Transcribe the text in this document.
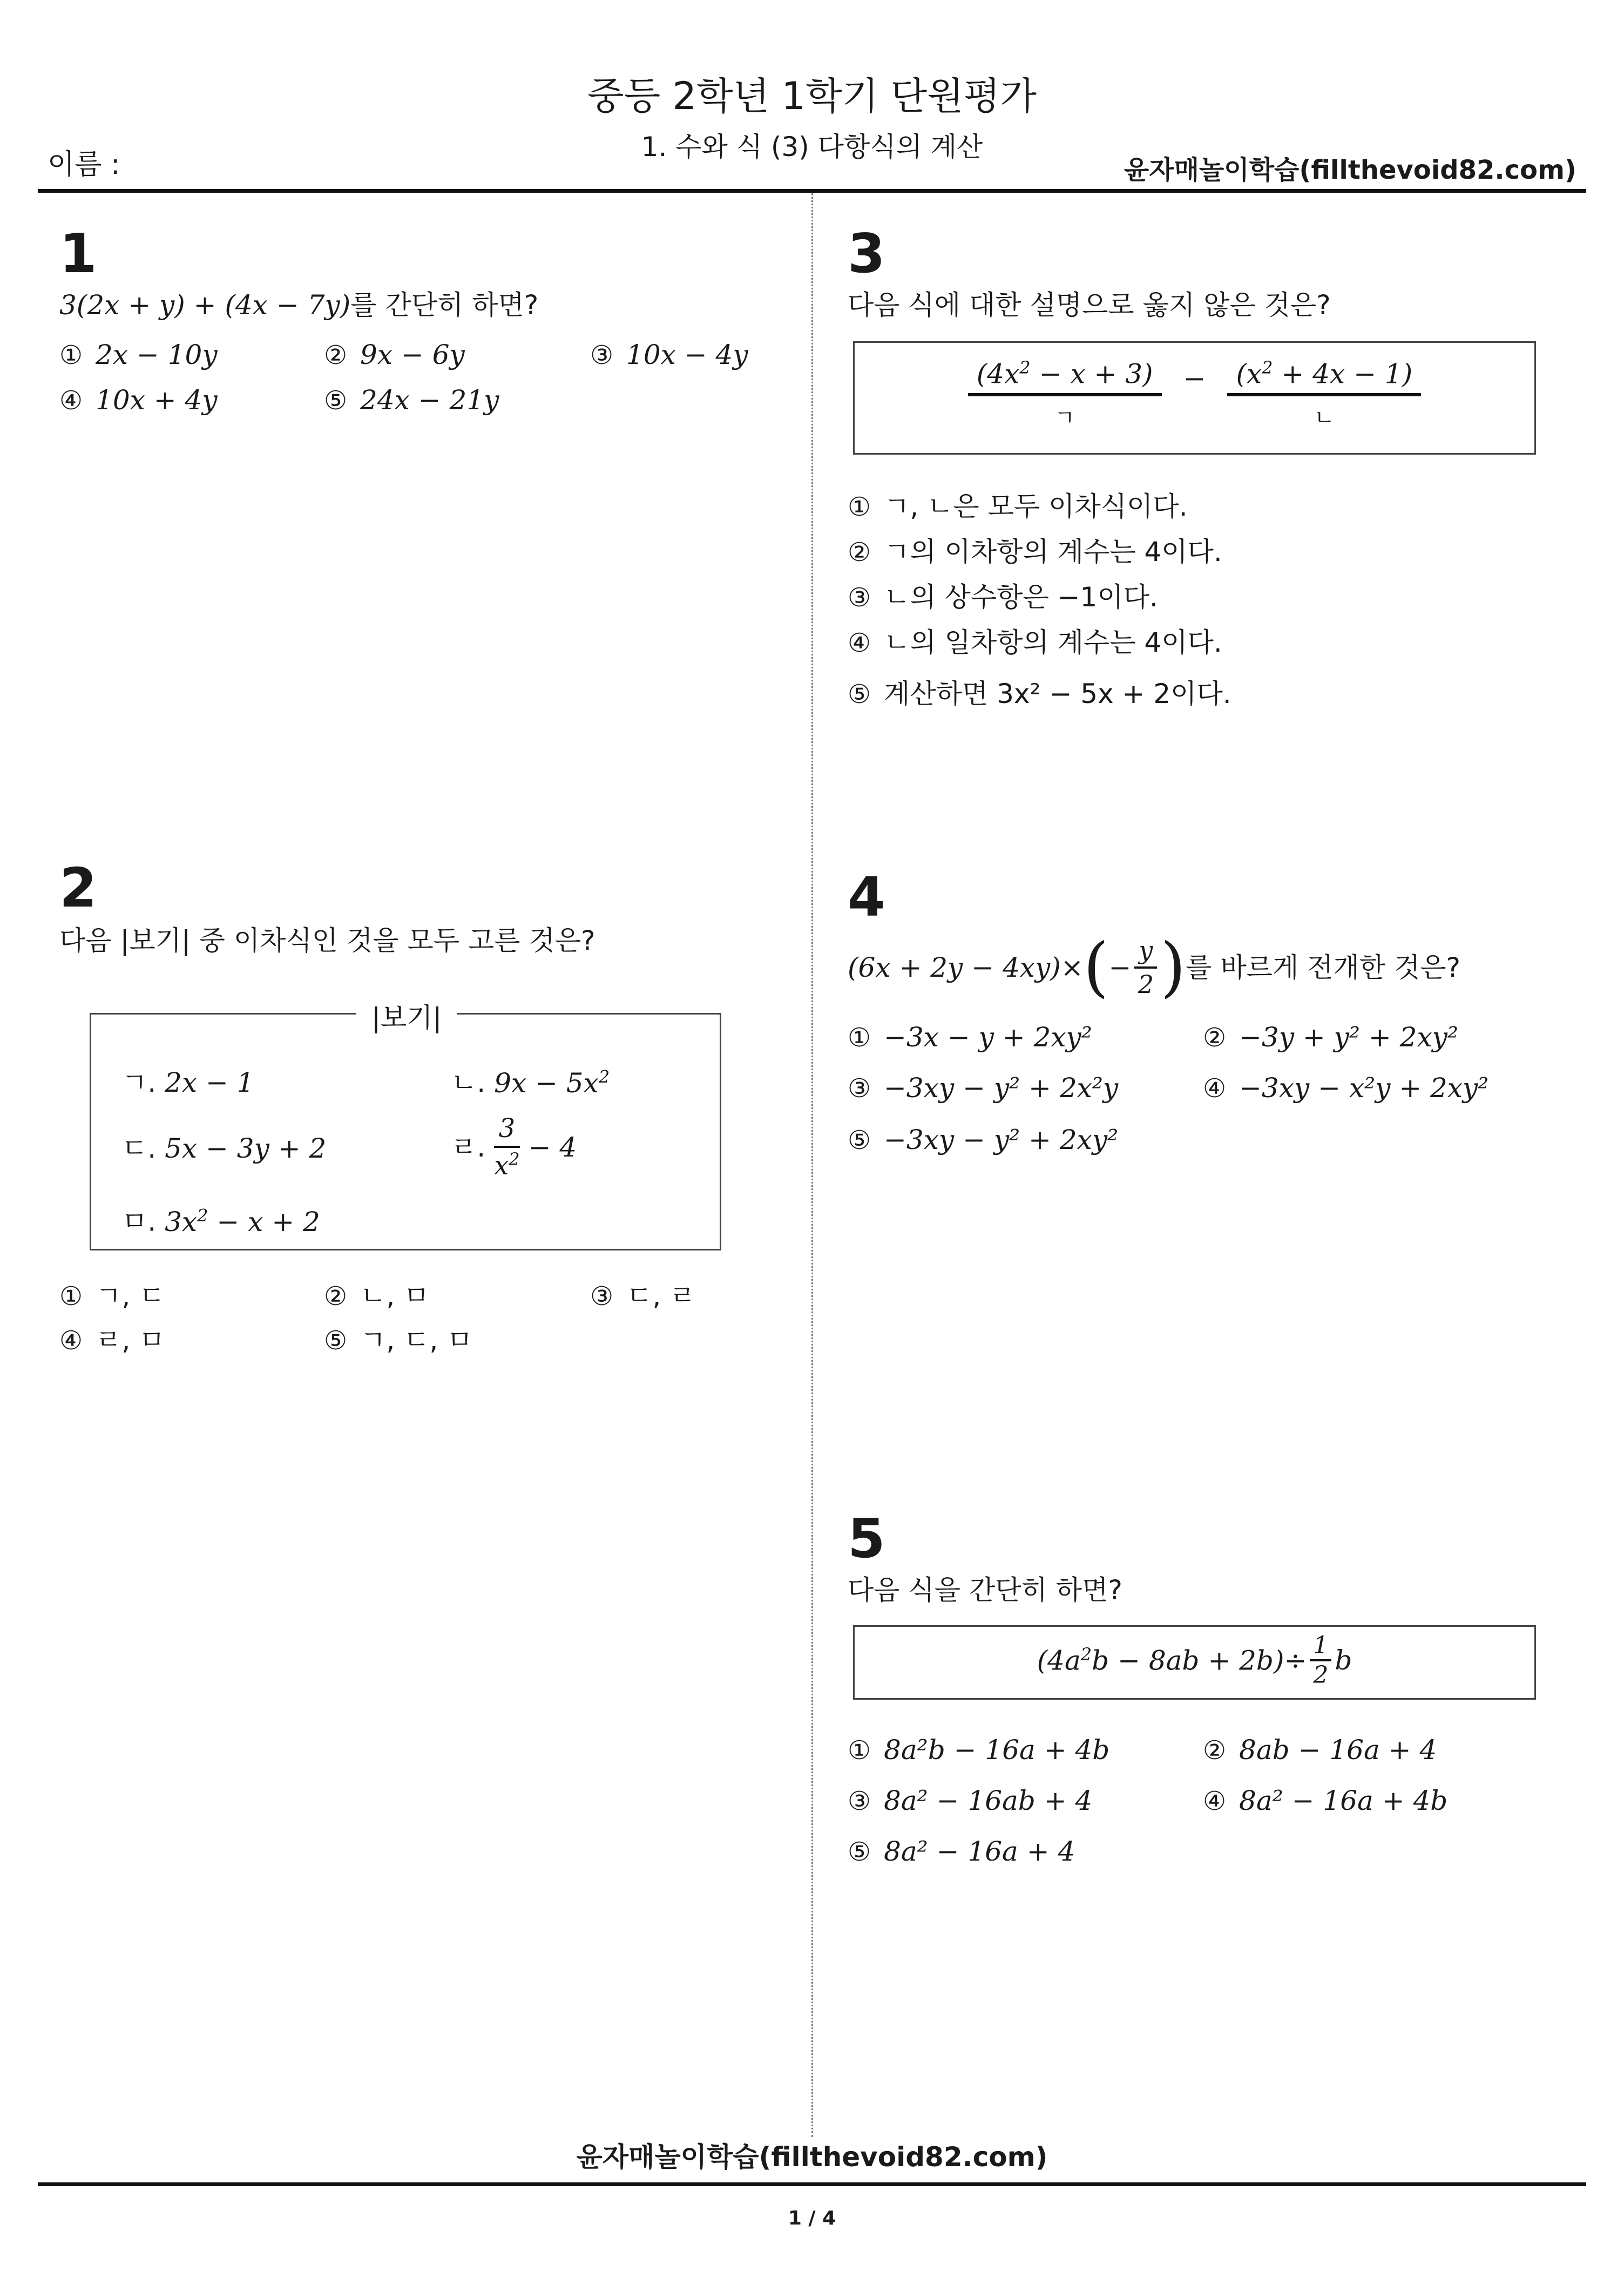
중등 2학년 1학기 단원평가
1. 수와 식 (3) 다항식의 계산
이름 :	윤자매놀이학습(fillthevoid82.com)
1
3(2x + y) + (4x − 7y)를 간단히 하면?
① 2x − 10y	② 9x − 6y	③ 10x − 4y
④ 10x + 4y	⑤ 24x − 21y
2
다음 |보기| 중 이차식인 것을 모두 고른 것은?
|보기|
ㄱ. 2x − 1	ㄴ. $9x - 5x^2$
ㄷ. 5x − 3y + 2	ㄹ. $\frac{3}{x^2} - 4$
ㅁ. $3x^2 - x + 2$
① ㄱ, ㄷ	② ㄴ, ㅁ	③ ㄷ, ㄹ
④ ㄹ, ㅁ	⑤ ㄱ, ㄷ, ㅁ
3
다음 식에 대한 설명으로 옳지 않은 것은?
$(4x^2 - x + 3)$
ㄱ
−	$(x^2 + 4x - 1)$
ㄴ
① ㄱ, ㄴ은 모두 이차식이다.
② ㄱ의 이차항의 계수는 4이다.
③ ㄴ의 상수항은 −1이다.
④ ㄴ의 일차항의 계수는 4이다.
⑤ 계산하면 3x² − 5x + 2이다.
4
(6x + 2y − 4xy)× ( − $\frac{y}{2}$ ) 를 바르게 전개한 것은?
① −3x − y + 2xy²	② −3y + y² + 2xy²
③ −3xy − y² + 2x²y	④ −3xy − x²y + 2xy²
⑤ −3xy − y² + 2xy²
5
다음 식을 간단히 하면?
$(4a^2b - 8ab + 2b)\div \frac{1}{2}$ b
① 8a²b − 16a + 4b	② 8ab − 16a + 4
③ 8a² − 16ab + 4	④ 8a² − 16a + 4b
⑤ 8a² − 16a + 4
윤자매놀이학습(fillthevoid82.com)
1 / 4
